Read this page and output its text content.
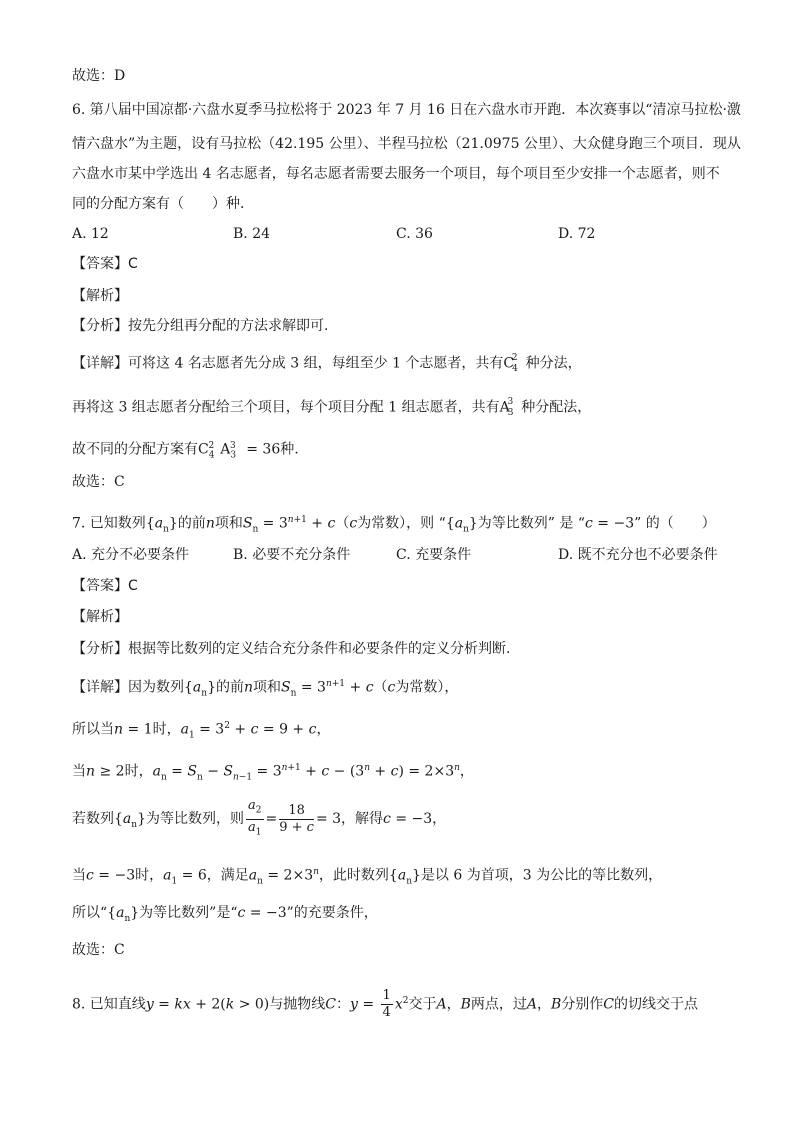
故选：D
6. 第八届中国凉都·六盘水夏季马拉松将于 2023 年 7 月 16 日在六盘水市开跑．本次赛事以“清凉马拉松·激
情六盘水”为主题，设有马拉松（42.195 公里）、半程马拉松（21.0975 公里）、大众健身跑三个项目．现从
六盘水市某中学选出 4 名志愿者，每名志愿者需要去服务一个项目，每个项目至少安排一个志愿者，则不
同的分配方案有（　　）种．
A. 12	B. 24	C. 36	D. 72
【答案】C
【解析】
【分析】按先分组再分配的方法求解即可.
【详解】可将这 4 名志愿者先分成 3 组，每组至少 1 个志愿者，共有$C_4^2$ 种分法，
再将这 3 组志愿者分配给三个项目，每个项目分配 1 组志愿者，共有$A_3^3$ 种分配法，
故不同的分配方案有$C_4^2$ $A_3^3 = 36$种.
故选：C
7. 已知数列$\{a_n\}$的前n项和$S_n = 3^{n+1} + c(c$为常数），则 “$\{a_n\}$为等比数列” 是 “c = −3” 的（　　）
A. 充分不必要条件	B. 必要不充分条件	C. 充要条件	D. 既不充分也不必要条件
【答案】C
【解析】
【分析】根据等比数列的定义结合充分条件和必要条件的定义分析判断.
【详解】因为数列$\{a_n\}$的前n项和$S_n = 3^{n+1} + c(c$为常数），
所以当n = 1时，$a_1 = 3^2 + c = 9 + c$，
当n ≥ 2时，$a_n = S_n - S_{n-1} = 3^{n+1} + c - (3^n + c) = 2\times 3^n$，
若数列$\{a_n\}$为等比数列，则 $\frac{a_2}{a_1} = \frac{18}{9 + c} = 3$，解得c = −3，
当c = −3时，$a_1 = 6$，满足$a_n = 2\times 3^n$，此时数列$\{a_n\}$是以 6 为首项，3 为公比的等比数列，
所以“$\{a_n\}$为等比数列”是“c = −3”的充要条件，
故选：C
8. 已知直线y = kx + 2(k > 0)与抛物线C：$y = \frac{1}{4} x^2$交于A，B两点，过A，B分别作C的切线交于点
